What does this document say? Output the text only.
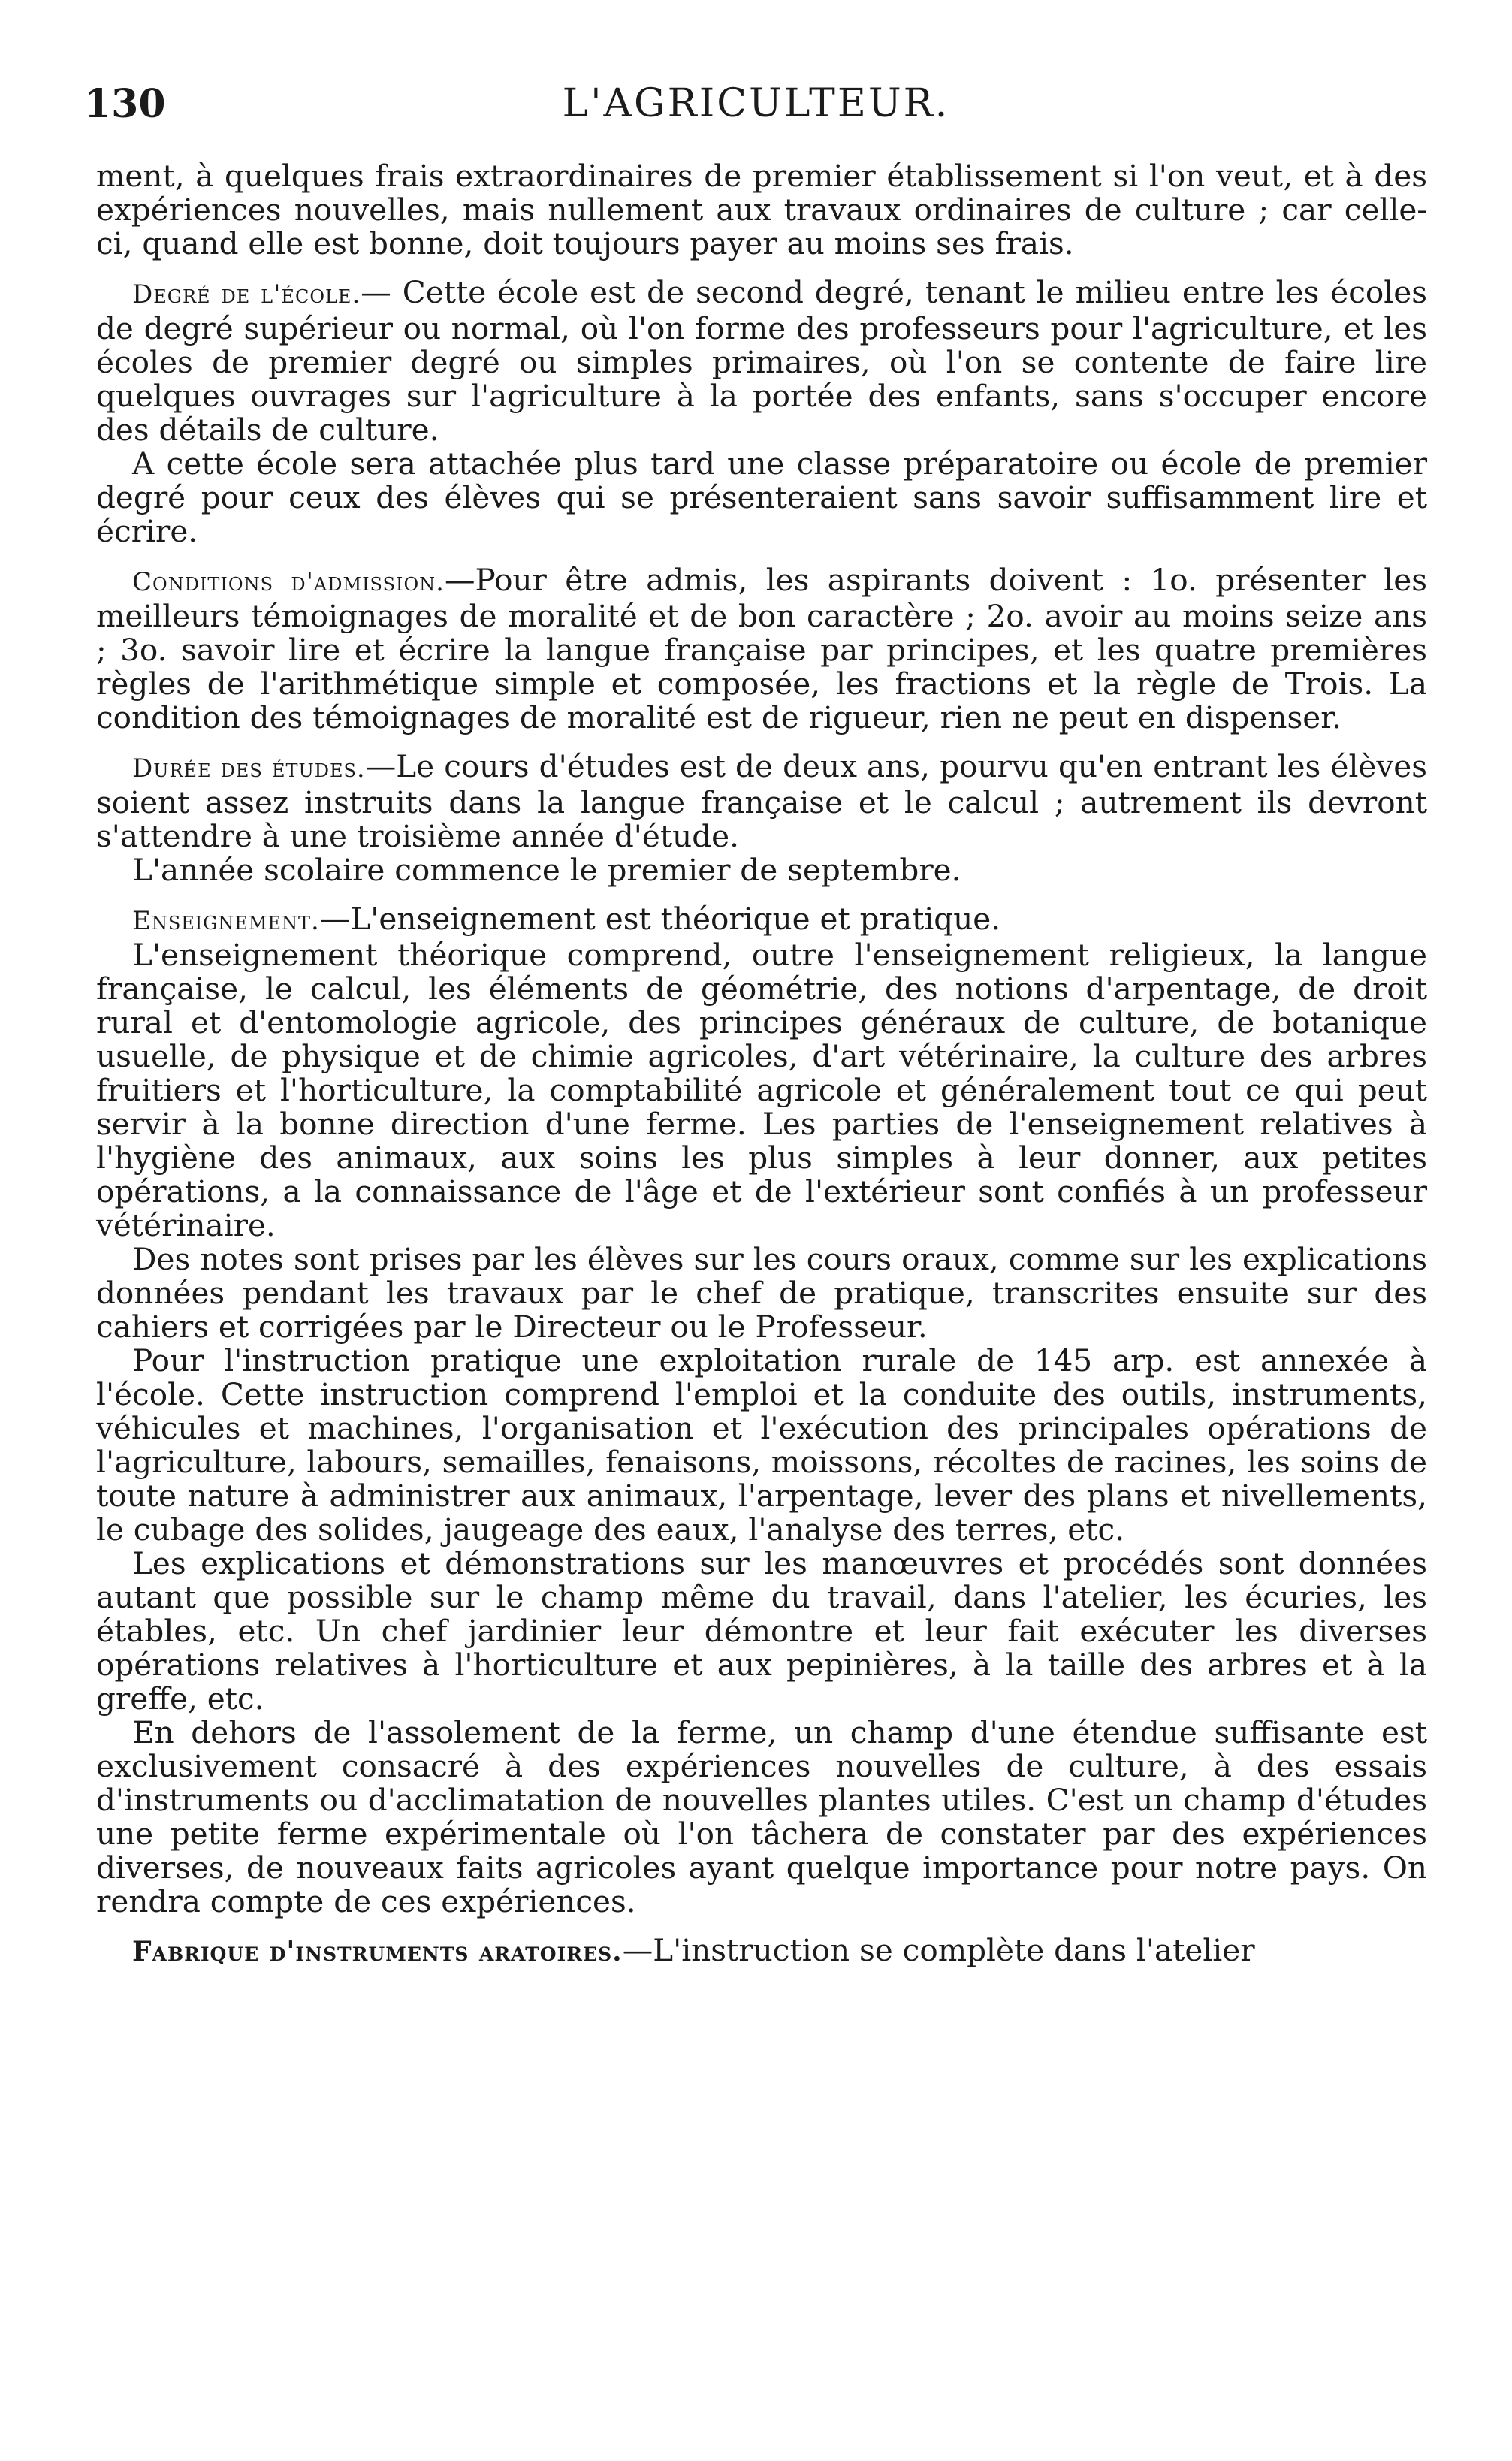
130	L'AGRICULTEUR.

ment, à quelques frais extraordinaires de premier établissement si l'on veut, et à des expériences nouvelles, mais nullement aux travaux ordinaires de culture ; car celle-ci, quand elle est bonne, doit toujours payer au moins ses frais.

Degré de l'école.— Cette école est de second degré, tenant le milieu entre les écoles de degré supérieur ou normal, où l'on forme des professeurs pour l'agriculture, et les écoles de premier degré ou simples primaires, où l'on se contente de faire lire quelques ouvrages sur l'agriculture à la portée des enfants, sans s'occuper encore des détails de culture.

A cette école sera attachée plus tard une classe préparatoire ou école de premier degré pour ceux des élèves qui se présenteraient sans savoir suffisamment lire et écrire.

Conditions d'admission.—Pour être admis, les aspirants doivent : 1o. présenter les meilleurs témoignages de moralité et de bon caractère ; 2o. avoir au moins seize ans ; 3o. savoir lire et écrire la langue française par principes, et les quatre premières règles de l'arithmétique simple et composée, les fractions et la règle de Trois. La condition des témoignages de moralité est de rigueur, rien ne peut en dispenser.

Durée des études.—Le cours d'études est de deux ans, pourvu qu'en entrant les élèves soient assez instruits dans la langue française et le calcul ; autrement ils devront s'attendre à une troisième année d'étude.

L'année scolaire commence le premier de septembre.

Enseignement.—L'enseignement est théorique et pratique.

L'enseignement théorique comprend, outre l'enseignement religieux, la langue française, le calcul, les éléments de géométrie, des notions d'arpentage, de droit rural et d'entomologie agricole, des principes généraux de culture, de botanique usuelle, de physique et de chimie agricoles, d'art vétérinaire, la culture des arbres fruitiers et l'horticulture, la comptabilité agricole et généralement tout ce qui peut servir à la bonne direction d'une ferme. Les parties de l'enseignement relatives à l'hygiène des animaux, aux soins les plus simples à leur donner, aux petites opérations, a la connaissance de l'âge et de l'extérieur sont confiés à un professeur vétérinaire.

Des notes sont prises par les élèves sur les cours oraux, comme sur les explications données pendant les travaux par le chef de pratique, transcrites ensuite sur des cahiers et corrigées par le Directeur ou le Professeur.

Pour l'instruction pratique une exploitation rurale de 145 arp. est annexée à l'école. Cette instruction comprend l'emploi et la conduite des outils, instruments, véhicules et machines, l'organisation et l'exécution des principales opérations de l'agriculture, labours, semailles, fenaisons, moissons, récoltes de racines, les soins de toute nature à administrer aux animaux, l'arpentage, lever des plans et nivellements, le cubage des solides, jaugeage des eaux, l'analyse des terres, etc.

Les explications et démonstrations sur les manœuvres et procédés sont données autant que possible sur le champ même du travail, dans l'atelier, les écuries, les étables, etc. Un chef jardinier leur démontre et leur fait exécuter les diverses opérations relatives à l'horticulture et aux pepinières, à la taille des arbres et à la greffe, etc.

En dehors de l'assolement de la ferme, un champ d'une étendue suffisante est exclusivement consacré à des expériences nouvelles de culture, à des essais d'instruments ou d'acclimatation de nouvelles plantes utiles. C'est un champ d'études une petite ferme expérimentale où l'on tâchera de constater par des expériences diverses, de nouveaux faits agricoles ayant quelque importance pour notre pays. On rendra compte de ces expériences.

Fabrique d'instruments aratoires.—L'instruction se complète dans l'atelier
